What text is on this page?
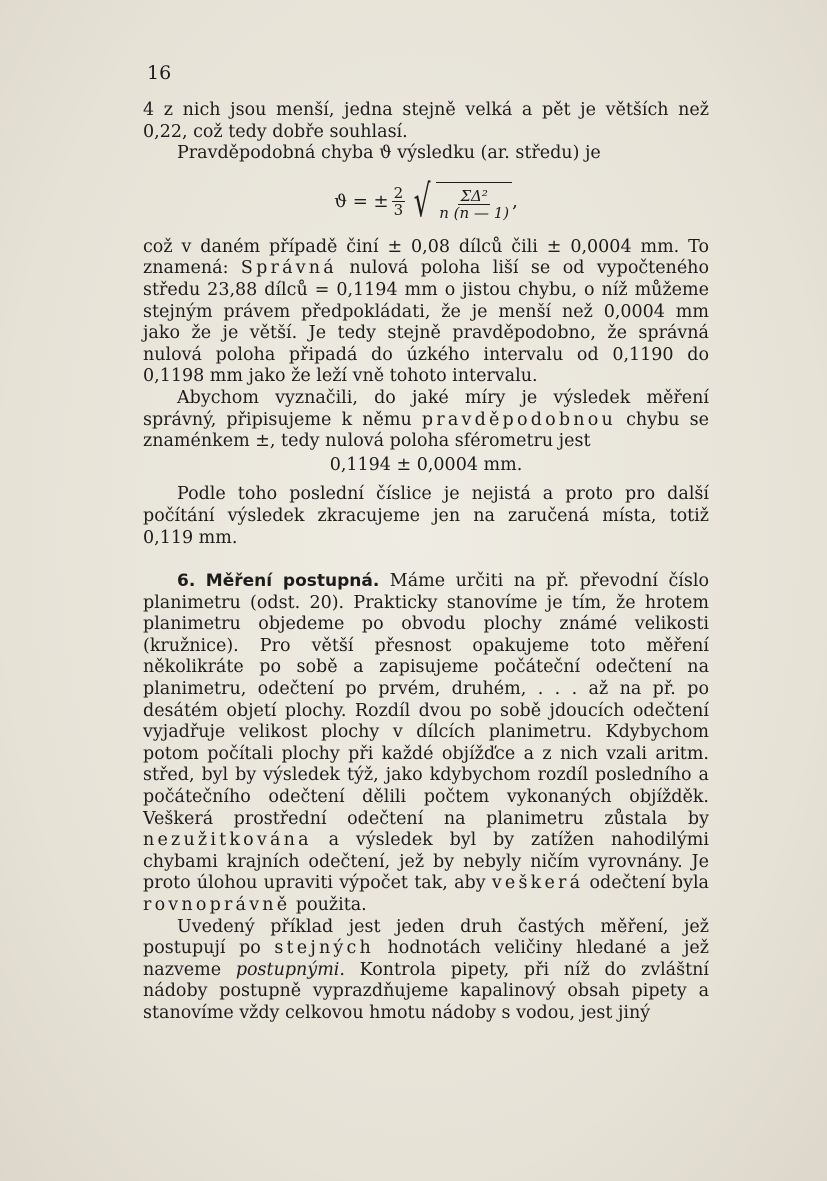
16

4 z nich jsou menší, jedna stejně velká a pět je větších než 0,22, což tedy dobře souhlasí.

Pravděpodobná chyba ϑ výsledku (ar. středu) je

ϑ = ± $\frac{2}{3}$ √ $\frac{\text{ΣΔ²}}{n (n — 1)}$ ,

což v daném případě činí ± 0,08 dílců čili ± 0,0004 mm. To znamená: Správná nulová poloha liší se od vypočteného středu 23,88 dílců = 0,1194 mm o jistou chybu, o níž můžeme stejným právem předpokládati, že je menší než 0,0004 mm jako že je větší. Je tedy stejně pravděpodobno, že správná nulová poloha připadá do úzkého intervalu od 0,1190 do 0,1198 mm jako že leží vně tohoto intervalu.

Abychom vyznačili, do jaké míry je výsledek měření správný, připisujeme k němu pravděpodobnou chybu se znaménkem ±, tedy nulová poloha sférometru jest

0,1194 ± 0,0004 mm.

Podle toho poslední číslice je nejistá a proto pro další počítání výsledek zkracujeme jen na zaručená místa, totiž 0,119 mm.

6. Měření postupná. Máme určiti na př. převodní číslo planimetru (odst. 20). Prakticky stanovíme je tím, že hrotem planimetru objedeme po obvodu plochy známé velikosti (kružnice). Pro větší přesnost opakujeme toto měření několikráte po sobě a zapisujeme počáteční odečtení na planimetru, odečtení po prvém, druhém, . . . až na př. po desátém objetí plochy. Rozdíl dvou po sobě jdoucích odečtení vyjadřuje velikost plochy v dílcích planimetru. Kdybychom potom počítali plochy při každé objížďce a z nich vzali aritm. střed, byl by výsledek týž, jako kdybychom rozdíl posledního a počátečního odečtení dělili počtem vykonaných objížděk. Veškerá prostřední odečtení na planimetru zůstala by nezužitkována a výsledek byl by zatížen nahodilými chybami krajních odečtení, jež by nebyly ničím vyrovnány. Je proto úlohou upraviti výpočet tak, aby veškerá odečtení byla rovnoprávně použita.

Uvedený příklad jest jeden druh častých měření, jež postupují po stejných hodnotách veličiny hledané a jež nazveme postupnými. Kontrola pipety, při níž do zvláštní nádoby postupně vyprazdňujeme kapalinový obsah pipety a stanovíme vždy celkovou hmotu nádoby s vodou, jest jiný
